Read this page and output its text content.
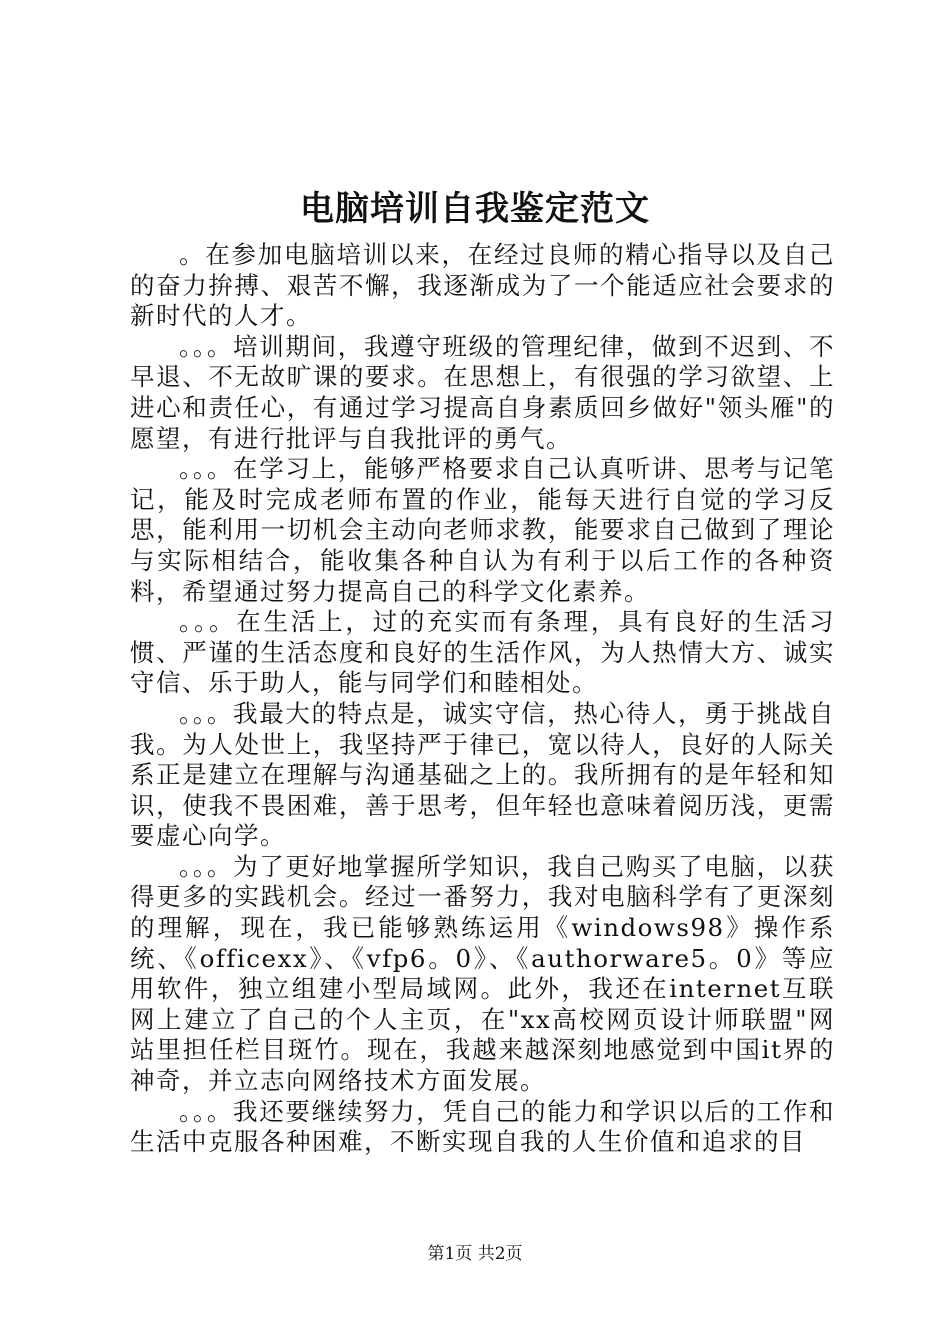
电脑培训自我鉴定范文

。在参加电脑培训以来，在经过良师的精心指导以及自己的奋力拚搏、艰苦不懈，我逐渐成为了一个能适应社会要求的新时代的人才。

。。。培训期间，我遵守班级的管理纪律，做到不迟到、不早退、不无故旷课的要求。在思想上，有很强的学习欲望、上进心和责任心，有通过学习提高自身素质回乡做好"领头雁"的愿望，有进行批评与自我批评的勇气。

。。。在学习上，能够严格要求自己认真听讲、思考与记笔记，能及时完成老师布置的作业，能每天进行自觉的学习反思，能利用一切机会主动向老师求教，能要求自己做到了理论与实际相结合，能收集各种自认为有利于以后工作的各种资料，希望通过努力提高自己的科学文化素养。

。。。在生活上，过的充实而有条理，具有良好的生活习惯、严谨的生活态度和良好的生活作风，为人热情大方、诚实守信、乐于助人，能与同学们和睦相处。

。。。我最大的特点是，诚实守信，热心待人，勇于挑战自我。为人处世上，我坚持严于律已，宽以待人，良好的人际关系正是建立在理解与沟通基础之上的。我所拥有的是年轻和知识，使我不畏困难，善于思考，但年轻也意味着阅历浅，更需要虚心向学。

。。。为了更好地掌握所学知识，我自己购买了电脑，以获得更多的实践机会。经过一番努力，我对电脑科学有了更深刻的理解，现在，我已能够熟练运用《windows98》操作系统、《officexx》、《vfp6。0》、《authorware5。0》等应用软件，独立组建小型局域网。此外，我还在internet互联网上建立了自己的个人主页，在"xx高校网页设计师联盟"网站里担任栏目斑竹。现在，我越来越深刻地感觉到中国it界的神奇，并立志向网络技术方面发展。

。。。我还要继续努力，凭自己的能力和学识以后的工作和生活中克服各种困难，不断实现自我的人生价值和追求的目

第1页 共2页
